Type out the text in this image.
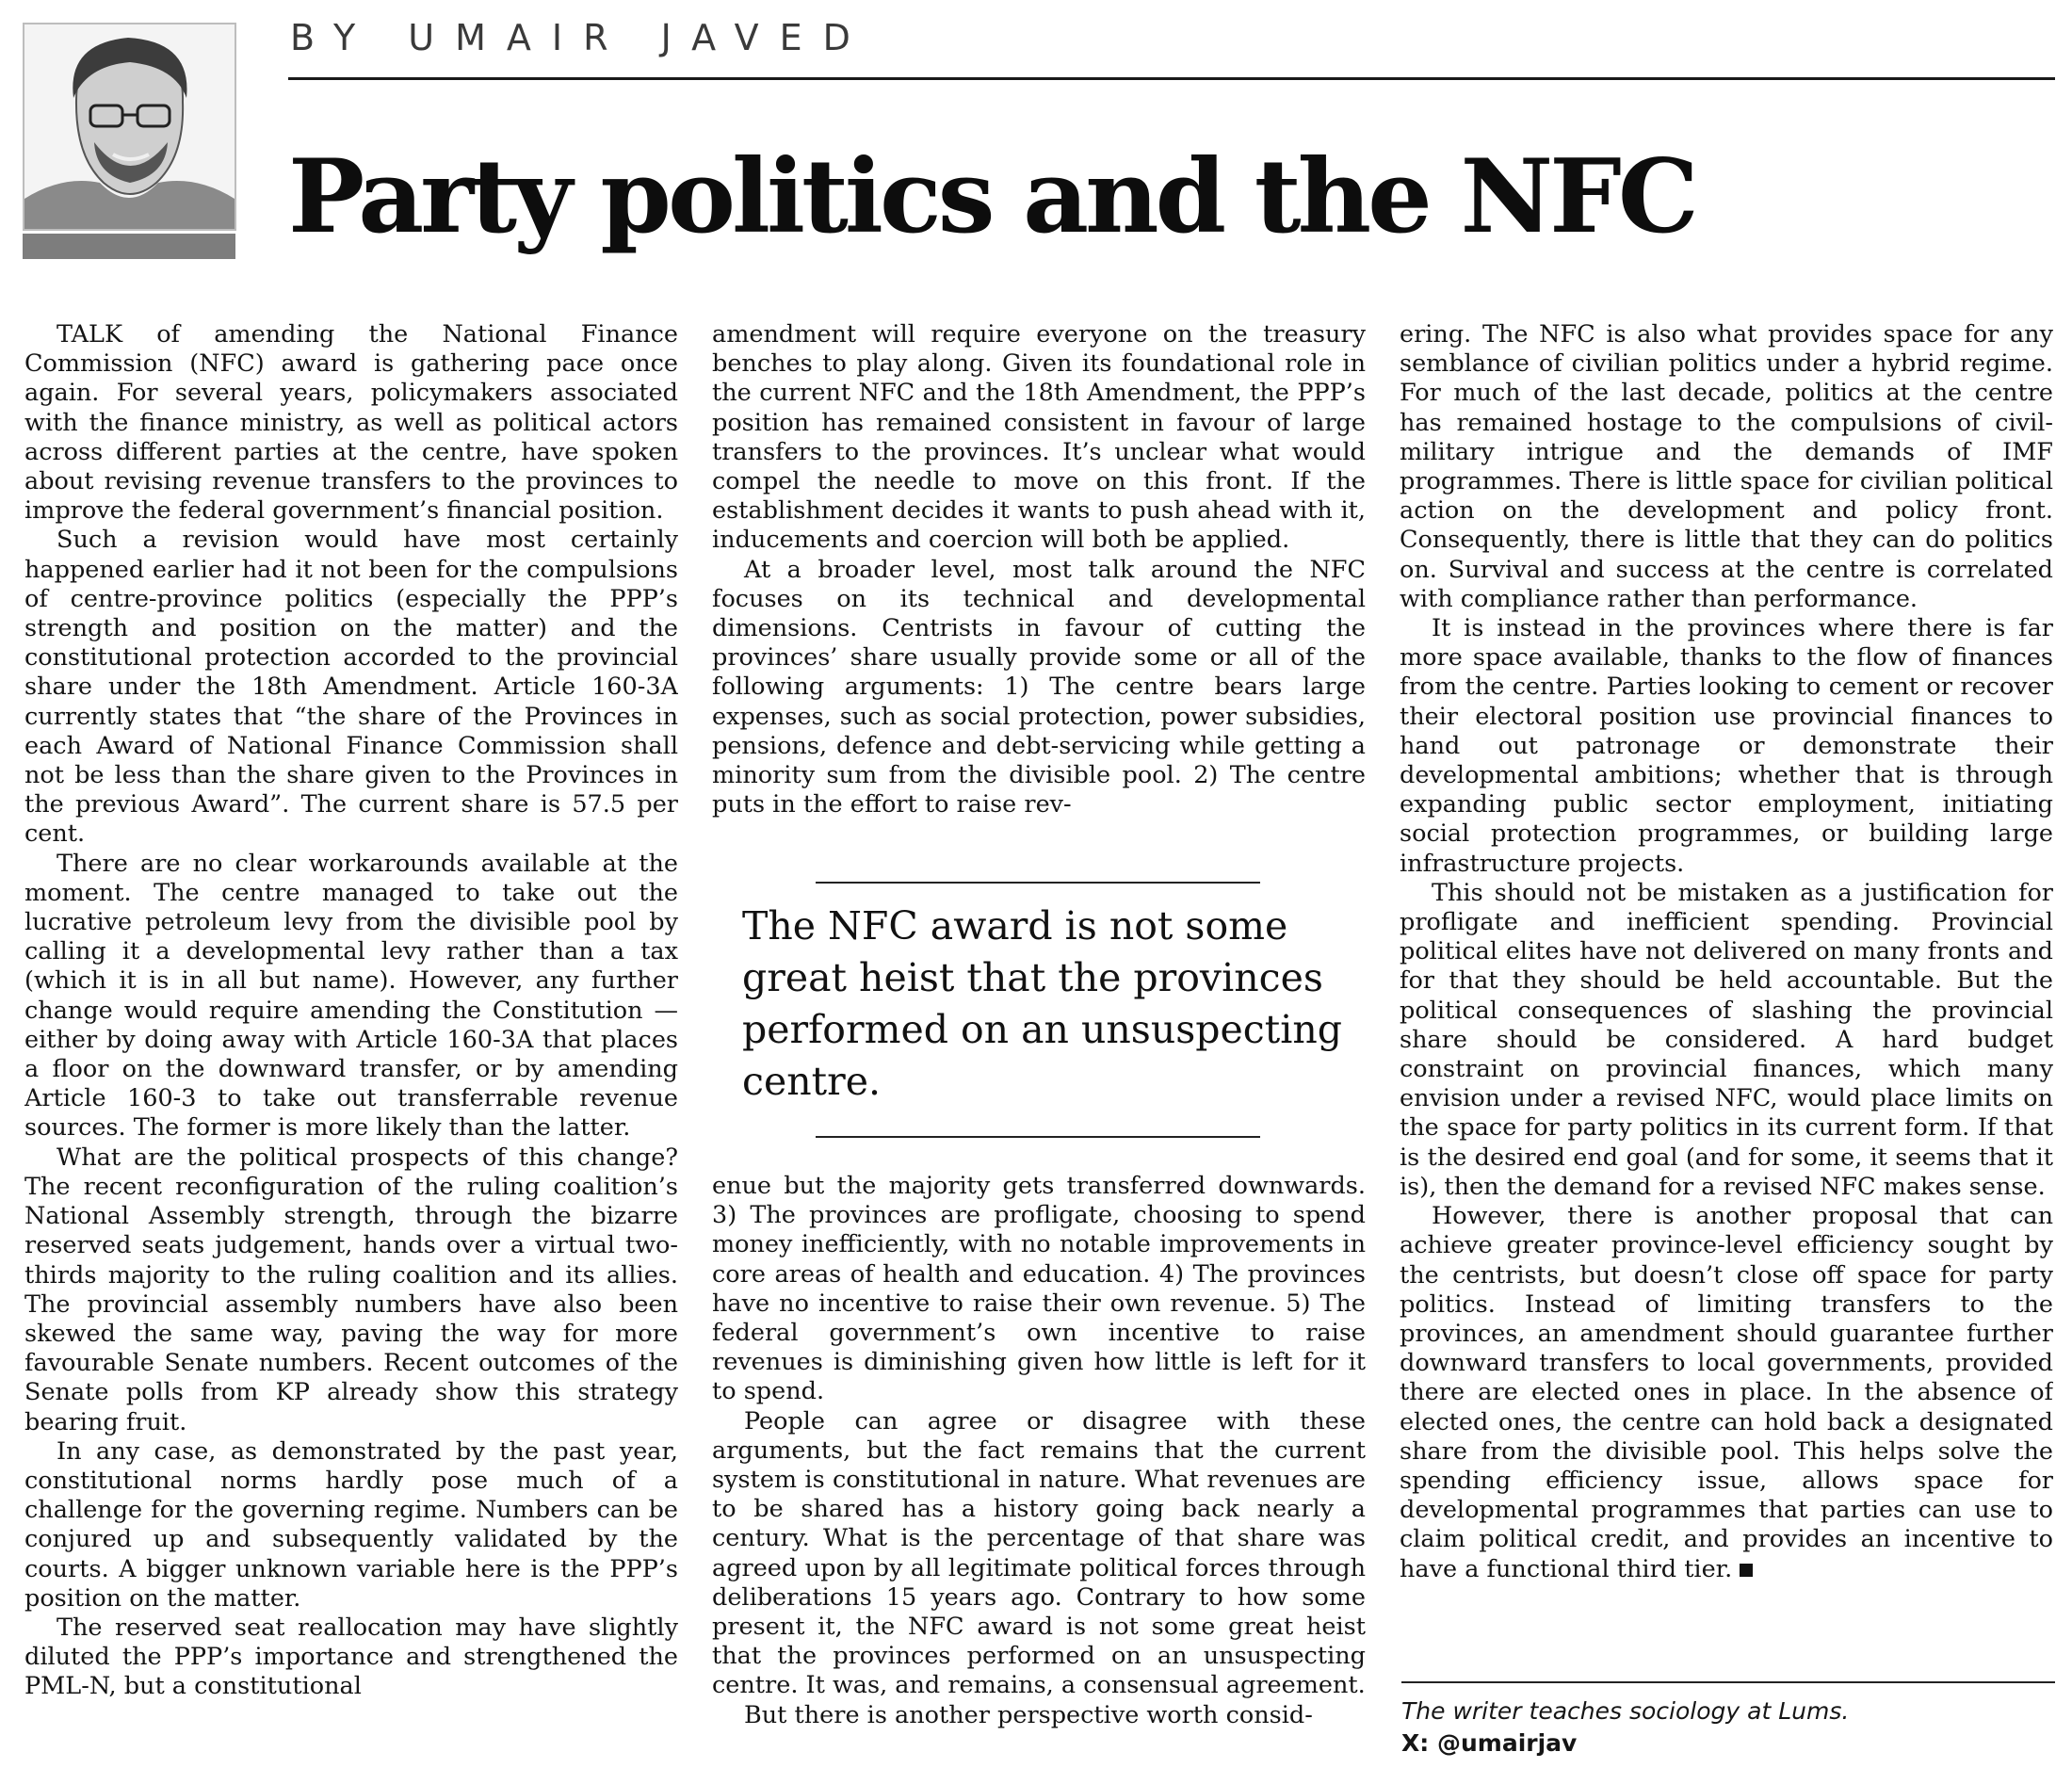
BY UMAIR JAVED

Party politics and the NFC

TALK of amending the National Finance Commission (NFC) award is gathering pace once again. For several years, policymakers associated with the finance ministry, as well as political actors across different parties at the centre, have spoken about revising revenue transfers to the provinces to improve the federal government’s financial position.

Such a revision would have most certainly happened earlier had it not been for the compulsions of centre-province politics (especially the PPP’s strength and position on the matter) and the constitutional protection accorded to the provincial share under the 18th Amendment. Article 160-3A currently states that “the share of the Provinces in each Award of National Finance Commission shall not be less than the share given to the Provinces in the previous Award”. The current share is 57.5 per cent.

There are no clear workarounds available at the moment. The centre managed to take out the lucrative petroleum levy from the divisible pool by calling it a developmental levy rather than a tax (which it is in all but name). However, any further change would require amending the Constitution — either by doing away with Article 160-3A that places a floor on the downward transfer, or by amending Article 160-3 to take out transferrable revenue sources. The former is more likely than the latter.

What are the political prospects of this change? The recent reconfiguration of the ruling coalition’s National Assembly strength, through the bizarre reserved seats judgement, hands over a virtual two-thirds majority to the ruling coalition and its allies. The provincial assembly numbers have also been skewed the same way, paving the way for more favourable Senate numbers. Recent outcomes of the Senate polls from KP already show this strategy bearing fruit.

In any case, as demonstrated by the past year, constitutional norms hardly pose much of a challenge for the governing regime. Numbers can be conjured up and subsequently validated by the courts. A bigger unknown variable here is the PPP’s position on the matter.

The reserved seat reallocation may have slightly diluted the PPP’s importance and strengthened the PML-N, but a constitutional

amendment will require everyone on the treasury benches to play along. Given its foundational role in the current NFC and the 18th Amendment, the PPP’s position has remained consistent in favour of large transfers to the provinces. It’s unclear what would compel the needle to move on this front. If the establishment decides it wants to push ahead with it, inducements and coercion will both be applied.

At a broader level, most talk around the NFC focuses on its technical and developmental dimensions. Centrists in favour of cutting the provinces’ share usually provide some or all of the following arguments: 1) The centre bears large expenses, such as social protection, power subsidies, pensions, defence and debt-servicing while getting a minority sum from the divisible pool. 2) The centre puts in the effort to raise rev-

The NFC award is not some great heist that the provinces performed on an unsuspecting centre.

enue but the majority gets transferred downwards. 3) The provinces are profligate, choosing to spend money inefficiently, with no notable improvements in core areas of health and education. 4) The provinces have no incentive to raise their own revenue. 5) The federal government’s own incentive to raise revenues is diminishing given how little is left for it to spend.

People can agree or disagree with these arguments, but the fact remains that the current system is constitutional in nature. What revenues are to be shared has a history going back nearly a century. What is the percentage of that share was agreed upon by all legitimate political forces through deliberations 15 years ago. Contrary to how some present it, the NFC award is not some great heist that the provinces performed on an unsuspecting centre. It was, and remains, a consensual agreement.

But there is another perspective worth consid-

ering. The NFC is also what provides space for any semblance of civilian politics under a hybrid regime. For much of the last decade, politics at the centre has remained hostage to the compulsions of civil-military intrigue and the demands of IMF programmes. There is little space for civilian political action on the development and policy front. Consequently, there is little that they can do politics on. Survival and success at the centre is correlated with compliance rather than performance.

It is instead in the provinces where there is far more space available, thanks to the flow of finances from the centre. Parties looking to cement or recover their electoral position use provincial finances to hand out patronage or demonstrate their developmental ambitions; whether that is through expanding public sector employment, initiating social protection programmes, or building large infrastructure projects.

This should not be mistaken as a justification for profligate and inefficient spending. Provincial political elites have not delivered on many fronts and for that they should be held accountable. But the political consequences of slashing the provincial share should be considered. A hard budget constraint on provincial finances, which many envision under a revised NFC, would place limits on the space for party politics in its current form. If that is the desired end goal (and for some, it seems that it is), then the demand for a revised NFC makes sense.

However, there is another proposal that can achieve greater province-level efficiency sought by the centrists, but doesn’t close off space for party politics. Instead of limiting transfers to the provinces, an amendment should guarantee further downward transfers to local governments, provided there are elected ones in place. In the absence of elected ones, the centre can hold back a designated share from the divisible pool. This helps solve the spending efficiency issue, allows space for developmental programmes that parties can use to claim political credit, and provides an incentive to have a functional third tier.

The writer teaches sociology at Lums.

X: @umairjav
